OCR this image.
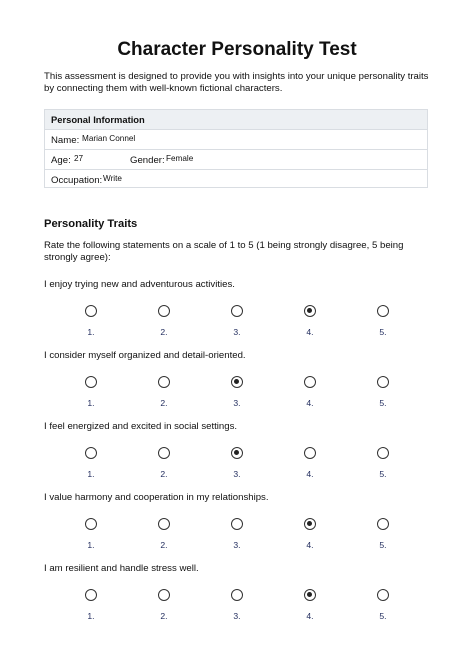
Character Personality Test
This assessment is designed to provide you with insights into your unique personality traits by connecting them with well-known fictional characters.
Personal Information
Name: Marian Connel
Age: 27	Gender: Female
Occupation: Write
Personality Traits
Rate the following statements on a scale of 1 to 5 (1 being strongly disagree, 5 being strongly agree):
I enjoy trying new and adventurous activities.
1.	2.	3.	4.	5.
I consider myself organized and detail-oriented.
1.	2.	3.	4.	5.
I feel energized and excited in social settings.
1.	2.	3.	4.	5.
I value harmony and cooperation in my relationships.
1.	2.	3.	4.	5.
I am resilient and handle stress well.
1.	2.	3.	4.	5.
